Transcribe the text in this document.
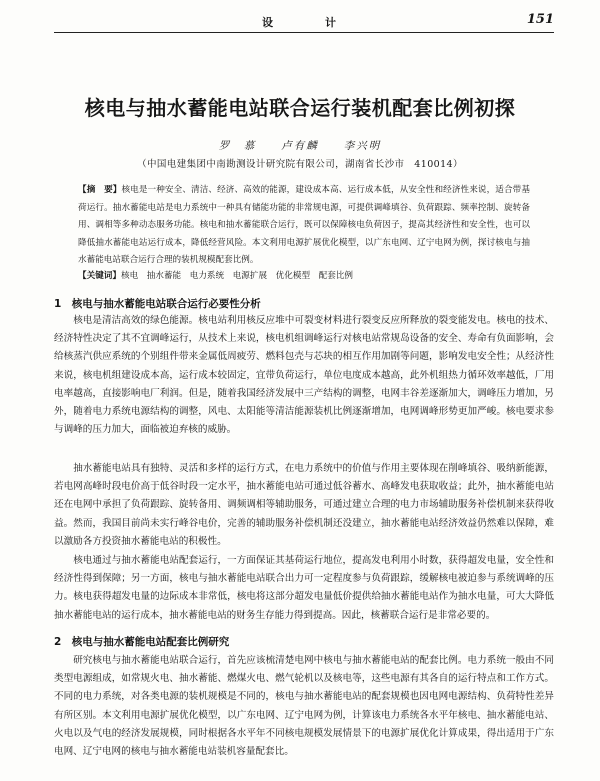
设　　计	151
核电与抽水蓄能电站联合运行装机配套比例初探
罗　慕　　卢有麟　　李兴明
（中国电建集团中南勘测设计研究院有限公司，湖南省长沙市　410014）
【摘　要】核电是一种安全、清洁、经济、高效的能源，建设成本高、运行成本低，从安全性和经济性来说，适合带基荷运行。抽水蓄能电站是电力系统中一种具有储能功能的非常规电源，可提供调峰填谷、负荷跟踪、频率控制、旋转备用、调相等多种动态服务功能。核电和抽水蓄能联合运行，既可以保障核电负荷因子，提高其经济性和安全性，也可以降低抽水蓄能电站运行成本，降低经营风险。本文利用电源扩展优化模型，以广东电网、辽宁电网为例，探讨核电与抽水蓄能电站联合运行合理的装机规模配套比例。
【关键词】核电　抽水蓄能　电力系统　电源扩展　优化模型　配套比例
1　核电与抽水蓄能电站联合运行必要性分析

核电是清洁高效的绿色能源。核电站利用核反应堆中可裂变材料进行裂变反应所释放的裂变能发电。核电的技术、经济特性决定了其不宜调峰运行，从技术上来说，核电机组调峰运行对核电站常规岛设备的安全、寿命有负面影响，会给核蒸汽供应系统的个别组件带来金属低周疲劳、燃料包壳与芯块的相互作用加剧等问题，影响发电安全性；从经济性来说，核电机组建设成本高，运行成本较固定，宜带负荷运行，单位电度成本越高，此外机组热力循环效率越低，厂用电率越高，直接影响电厂利润。但是，随着我国经济发展中三产结构的调整，电网丰谷差逐渐加大，调峰压力增加，另外，随着电力系统电源结构的调整，风电、太阳能等清洁能源装机比例逐渐增加，电网调峰形势更加严峻。核电要求参与调峰的压力加大，面临被迫弃核的威胁。

抽水蓄能电站具有独特、灵活和多样的运行方式，在电力系统中的价值与作用主要体现在削峰填谷、吸纳新能源，若电网高峰时段电价高于低谷时段一定水平，抽水蓄能电站可通过低谷蓄水、高峰发电获取收益；此外，抽水蓄能电站还在电网中承担了负荷跟踪、旋转备用、调频调相等辅助服务，可通过建立合理的电力市场辅助服务补偿机制来获得收益。然而，我国目前尚未实行峰谷电价，完善的辅助服务补偿机制还没建立，抽水蓄能电站经济效益仍然难以保障，难以激励各方投资抽水蓄能电站的积极性。

核电通过与抽水蓄能电站配套运行，一方面保证其基荷运行地位，提高发电利用小时数，获得超发电量，安全性和经济性得到保障；另一方面，核电与抽水蓄能电站联合出力可一定程度参与负荷跟踪，缓解核电被迫参与系统调峰的压力。核电获得超发电量的边际成本非常低，核电将这部分超发电量低价提供给抽水蓄能电站作为抽水电量，可大大降低抽水蓄能电站的运行成本，抽水蓄能电站的财务生存能力得到提高。因此，核蓄联合运行是非常必要的。

2　核电与抽水蓄能电站配套比例研究

研究核电与抽水蓄能电站联合运行，首先应该梳清楚电网中核电与抽水蓄能电站的配套比例。电力系统一般由不同类型电源组成，如常规火电、抽水蓄能、燃煤火电、燃气轮机以及核电等，这些电源有其各自的运行特点和工作方式。不同的电力系统，对各类电源的装机规模是不同的，核电与抽水蓄能电站的配套规模也因电网电源结构、负荷特性差异有所区别。本文利用电源扩展优化模型，以广东电网、辽宁电网为例，计算该电力系统各水平年核电、抽水蓄能电站、火电以及气电的经济发展规模，同时根据各水平年不同核电规模发展情景下的电源扩展优化计算成果，得出适用于广东电网、辽宁电网的核电与抽水蓄能电站装机容量配套比。
